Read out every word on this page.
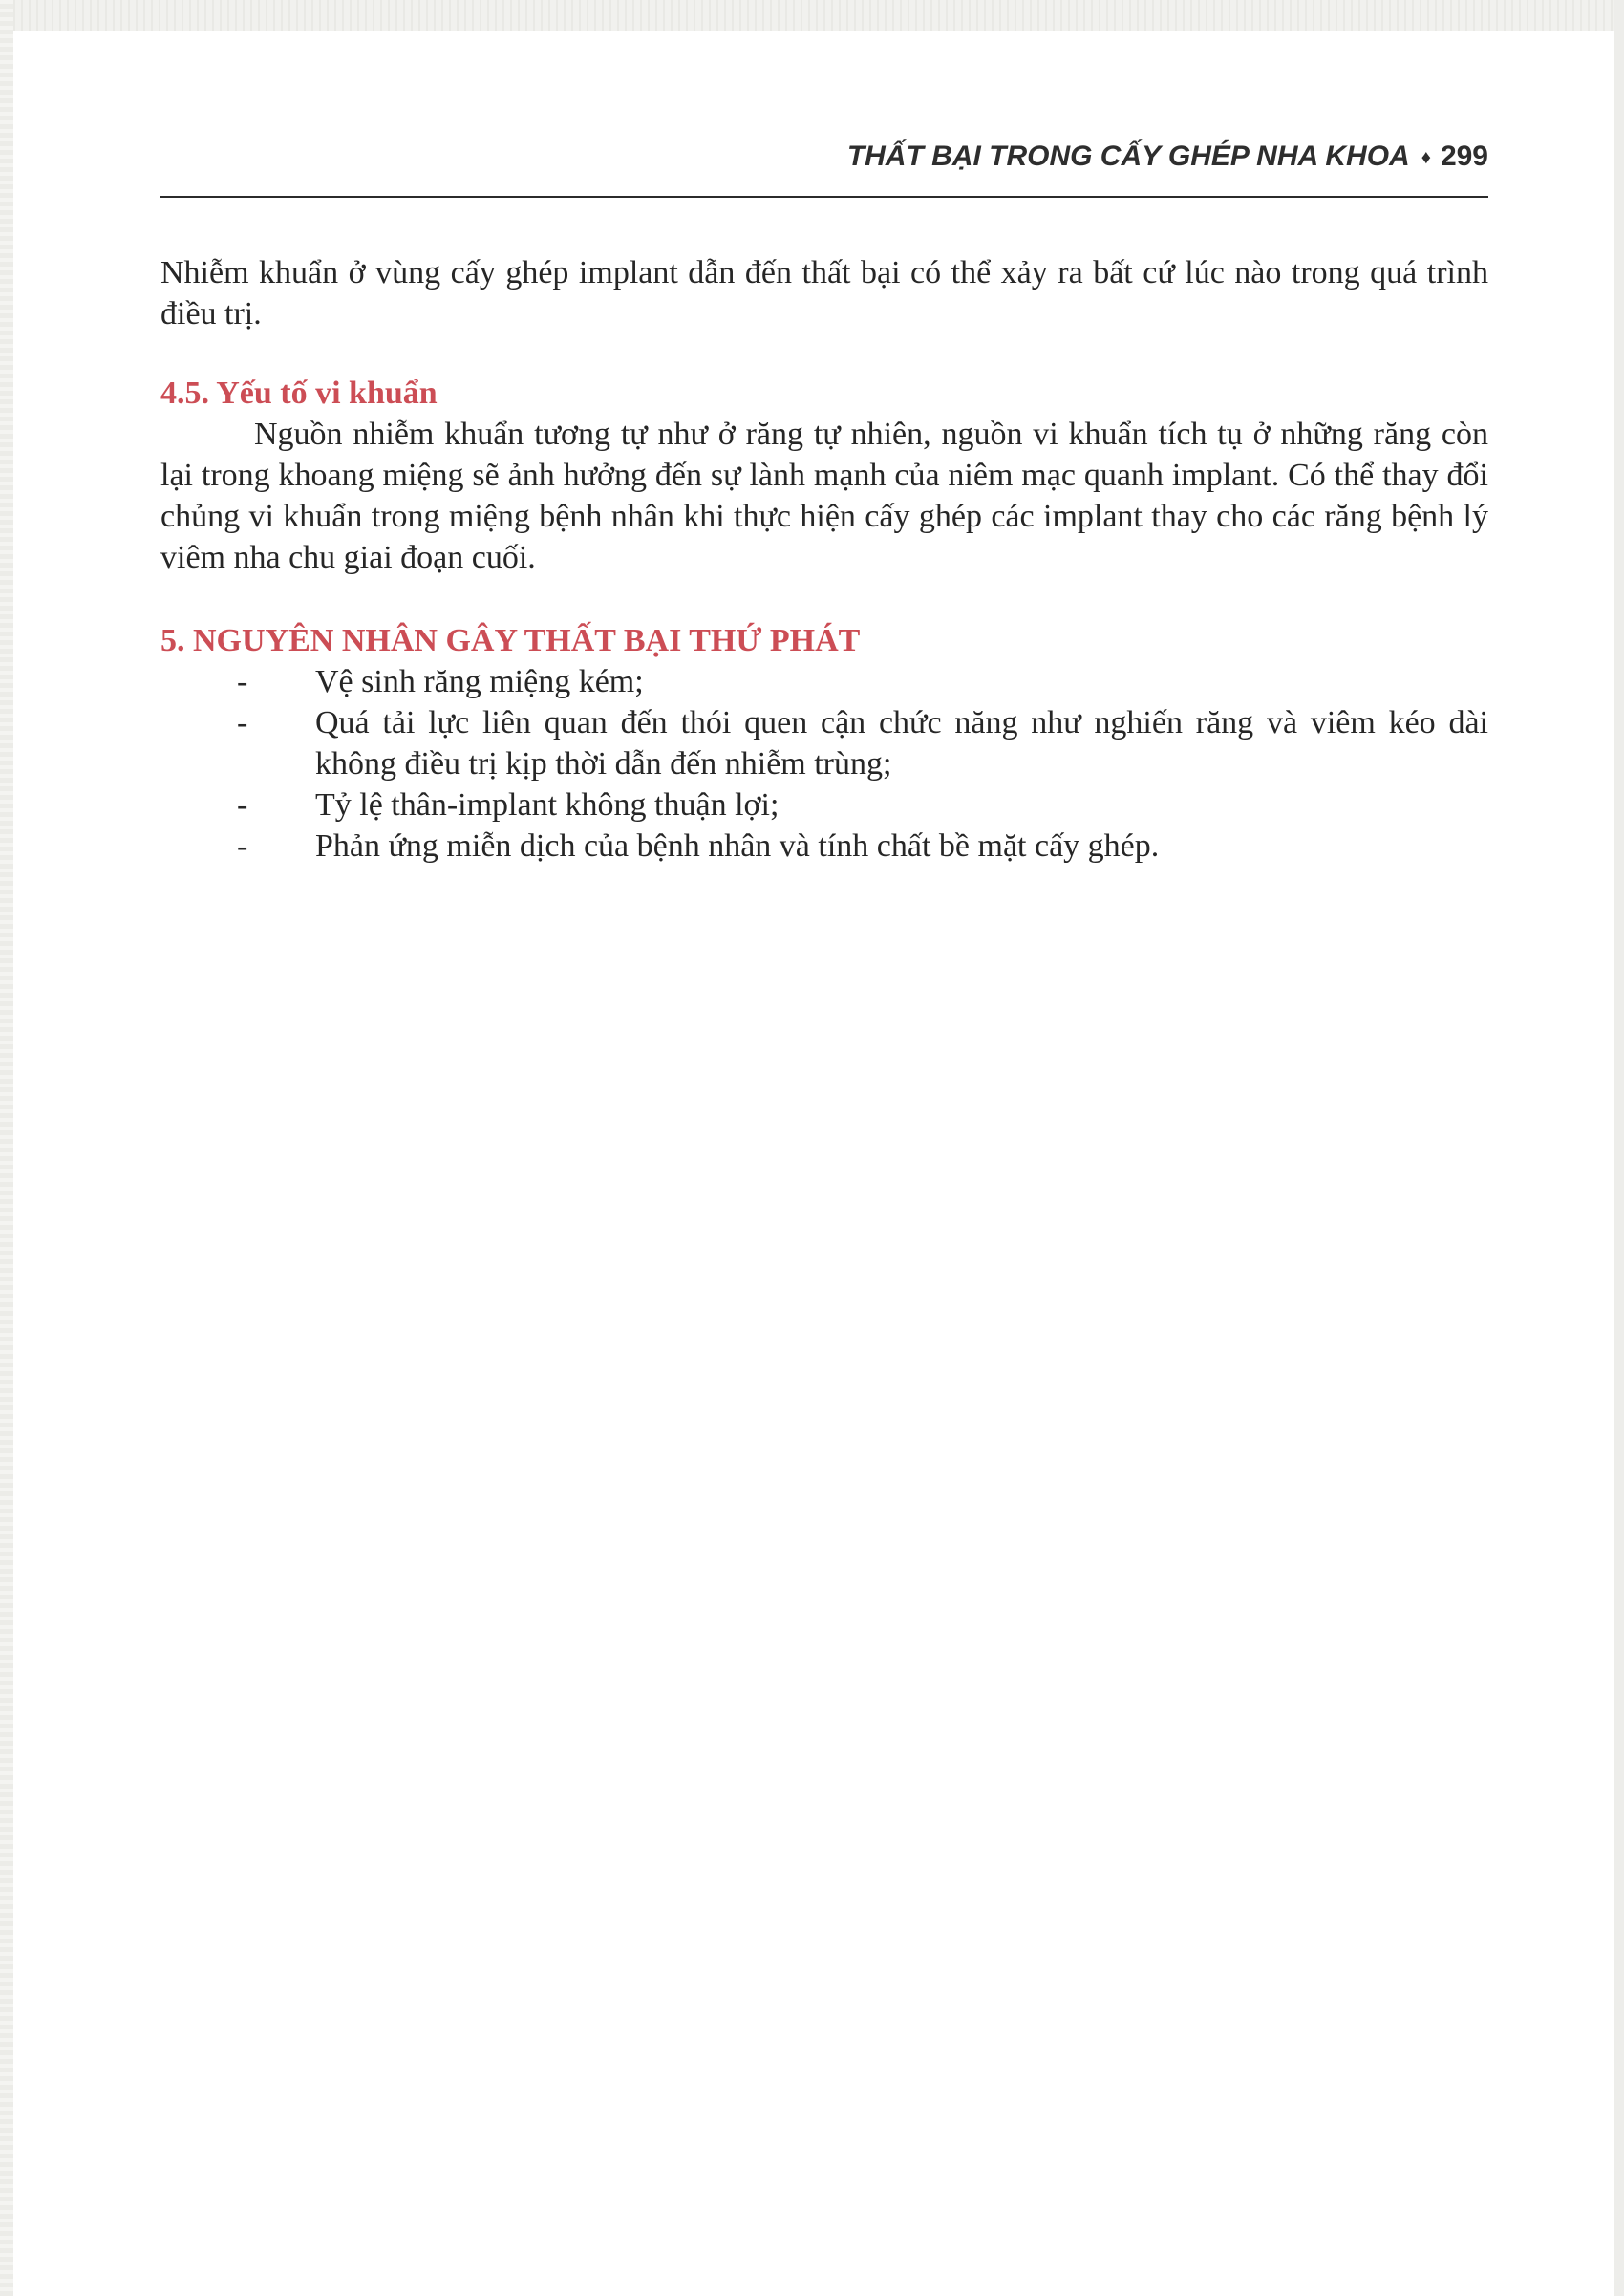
THẤT BẠI TRONG CẤY GHÉP NHA KHOA ♦ 299

Nhiễm khuẩn ở vùng cấy ghép implant dẫn đến thất bại có thể xảy ra bất cứ lúc nào trong quá trình điều trị.

4.5. Yếu tố vi khuẩn

Nguồn nhiễm khuẩn tương tự như ở răng tự nhiên, nguồn vi khuẩn tích tụ ở những răng còn lại trong khoang miệng sẽ ảnh hưởng đến sự lành mạnh của niêm mạc quanh implant. Có thể thay đổi chủng vi khuẩn trong miệng bệnh nhân khi thực hiện cấy ghép các implant thay cho các răng bệnh lý viêm nha chu giai đoạn cuối.

5. NGUYÊN NHÂN GÂY THẤT BẠI THỨ PHÁT
-	Vệ sinh răng miệng kém;
-	Quá tải lực liên quan đến thói quen cận chức năng như nghiến răng và viêm kéo dài không điều trị kịp thời dẫn đến nhiễm trùng;
-	Tỷ lệ thân-implant không thuận lợi;
-	Phản ứng miễn dịch của bệnh nhân và tính chất bề mặt cấy ghép.
